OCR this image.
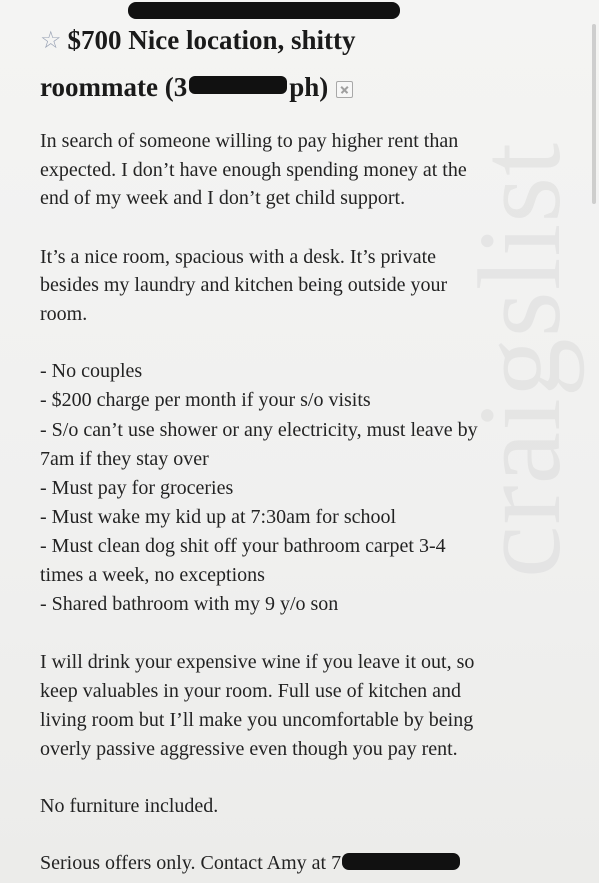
craigslist
☆ $700 Nice location, shitty
roommate (3	ph)
In search of someone willing to pay higher rent than
expected. I don’t have enough spending money at the
end of my week and I don’t get child support.
It’s a nice room, spacious with a desk. It’s private
besides my laundry and kitchen being outside your
room.
- No couples
- $200 charge per month if your s/o visits
- S/o can’t use shower or any electricity, must leave by
7am if they stay over
- Must pay for groceries
- Must wake my kid up at 7:30am for school
- Must clean dog shit off your bathroom carpet 3-4
times a week, no exceptions
- Shared bathroom with my 9 y/o son
I will drink your expensive wine if you leave it out, so
keep valuables in your room. Full use of kitchen and
living room but I’ll make you uncomfortable by being
overly passive aggressive even though you pay rent.
No furniture included.
Serious offers only. Contact Amy at 7
